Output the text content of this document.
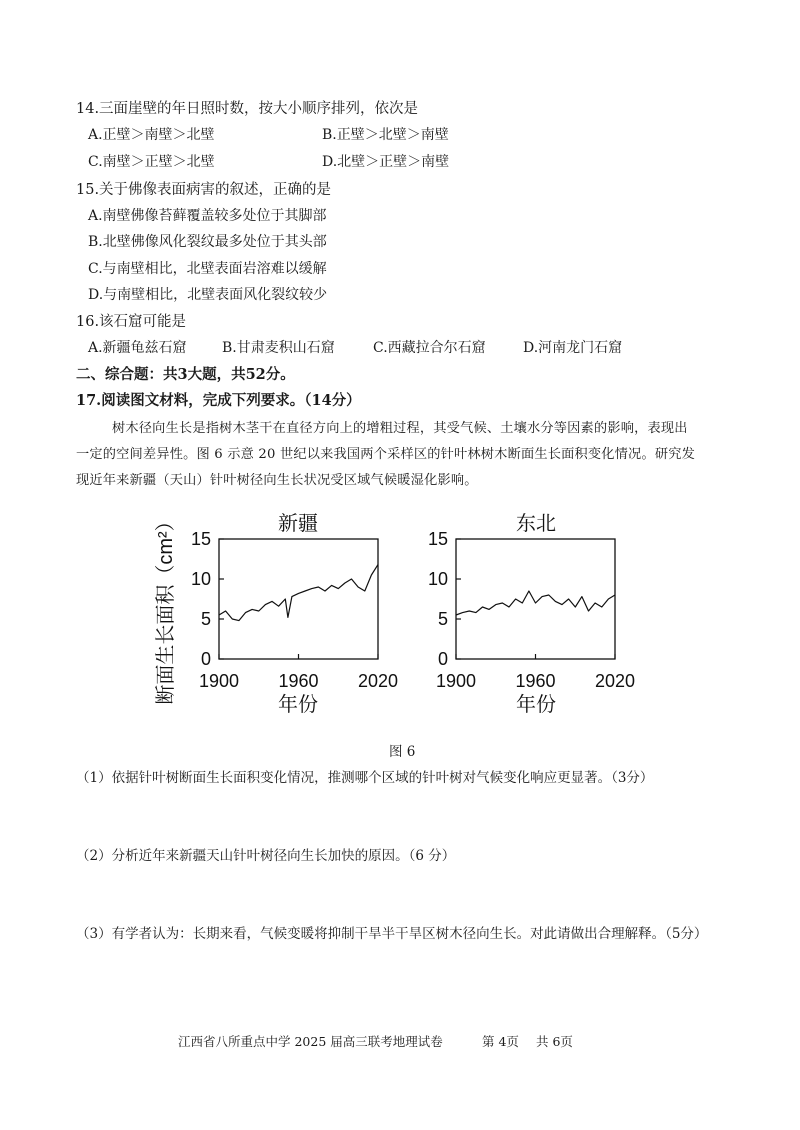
14.三面崖壁的年日照时数，按大小顺序排列，依次是
A.正壁＞南壁＞北壁	B.正壁＞北壁＞南壁
C.南壁＞正壁＞北壁	D.北壁＞正壁＞南壁
15.关于佛像表面病害的叙述，正确的是
A.南壁佛像苔藓覆盖较多处位于其脚部
B.北壁佛像风化裂纹最多处位于其头部
C.与南壁相比，北壁表面岩溶难以缓解
D.与南壁相比，北壁表面风化裂纹较少
16.该石窟可能是
A.新疆龟兹石窟	B.甘肃麦积山石窟	C.西藏拉合尔石窟	D.河南龙门石窟
二、综合题：共3大题，共52分。
17.阅读图文材料，完成下列要求。（14分）
树木径向生长是指树木茎干在直径方向上的增粗过程，其受气候、土壤水分等因素的影响，表现出
一定的空间差异性。图 6 示意 20 世纪以来我国两个采样区的针叶林树木断面生长面积变化情况。研究发
现近年来新疆（天山）针叶树径向生长状况受区域气候暖湿化影响。
断面生长面积（cm²）	新疆	东北
年份	年份
0
5
10
15
1900 1960 2020
0
5
10
15
1900 1960 2020
图 6
（1）依据针叶树断面生长面积变化情况，推测哪个区域的针叶树对气候变化响应更显著。（3分）
（2）分析近年来新疆天山针叶树径向生长加快的原因。（6 分）
（3）有学者认为：长期来看，气候变暖将抑制干旱半干旱区树木径向生长。对此请做出合理解释。（5分）
江西省八所重点中学 2025 届高三联考地理试卷	第 4页 共 6页
